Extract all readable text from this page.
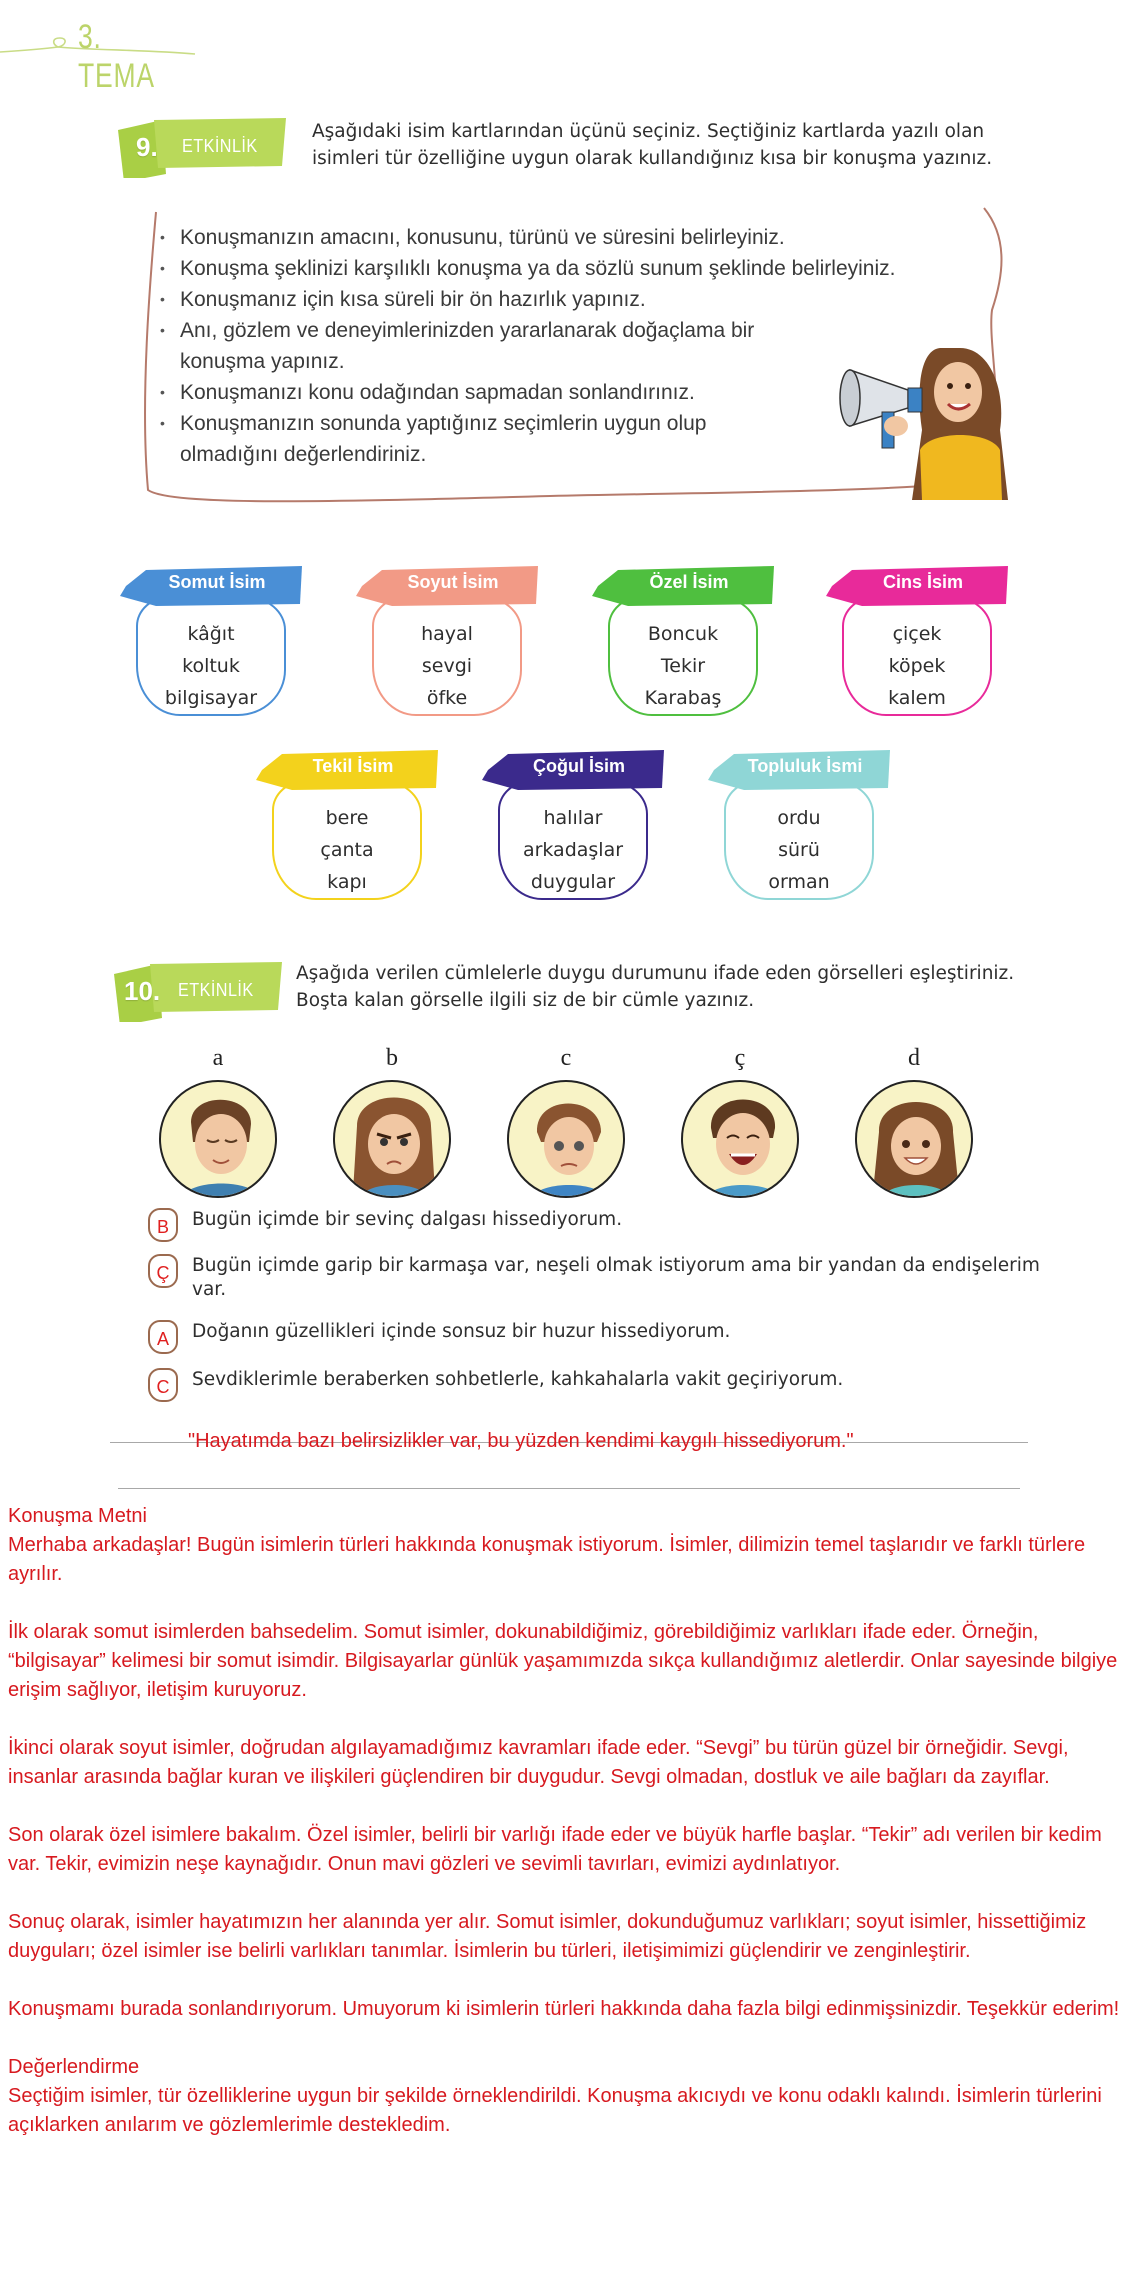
3. TEMA
9. ETKİNLİK
Aşağıdaki isim kartlarından üçünü seçiniz. Seçtiğiniz kartlarda yazılı olan isimleri tür özelliğine uygun olarak kullandığınız kısa bir konuşma yazınız.
• Konuşmanızın amacını, konusunu, türünü ve süresini belirleyiniz.
• Konuşma şeklinizi karşılıklı konuşma ya da sözlü sunum şeklinde belirleyiniz.
• Konuşmanız için kısa süreli bir ön hazırlık yapınız.
• Anı, gözlem ve deneyimlerinizden yararlanarak doğaçlama bir konuşma yapınız.
• Konuşmanızı konu odağından sapmadan sonlandırınız.
• Konuşmanızın sonunda yaptığınız seçimlerin uygun olup olmadığını değerlendiriniz.
Somut İsim
kâğıt
koltuk
bilgisayar
Soyut İsim
hayal
sevgi
öfke
Özel İsim
Boncuk
Tekir
Karabaş
Cins İsim
çiçek
köpek
kalem
Tekil İsim
bere
çanta
kapı
Çoğul İsim
halılar
arkadaşlar
duygular
Topluluk İsmi
ordu
sürü
orman
10. ETKİNLİK
Aşağıda verilen cümlelerle duygu durumunu ifade eden görselleri eşleştiriniz. Boşta kalan görselle ilgili siz de bir cümle yazınız.
a	b	c	ç	d
B	Bugün içimde bir sevinç dalgası hissediyorum.
Ç	Bugün içimde garip bir karmaşa var, neşeli olmak istiyorum ama bir yandan da endişelerim var.
A	Doğanın güzellikleri içinde sonsuz bir huzur hissediyorum.
C	Sevdiklerimle beraberken sohbetlerle, kahkahalarla vakit geçiriyorum.
"Hayatımda bazı belirsizlikler var, bu yüzden kendimi kaygılı hissediyorum."

Konuşma Metni

Merhaba arkadaşlar! Bugün isimlerin türleri hakkında konuşmak istiyorum. İsimler, dilimizin temel taşlarıdır ve farklı türlere ayrılır.

İlk olarak somut isimlerden bahsedelim. Somut isimler, dokunabildiğimiz, görebildiğimiz varlıkları ifade eder. Örneğin, “bilgisayar” kelimesi bir somut isimdir. Bilgisayarlar günlük yaşamımızda sıkça kullandığımız aletlerdir. Onlar sayesinde bilgiye erişim sağlıyor, iletişim kuruyoruz.

İkinci olarak soyut isimler, doğrudan algılayamadığımız kavramları ifade eder. “Sevgi” bu türün güzel bir örneğidir. Sevgi, insanlar arasında bağlar kuran ve ilişkileri güçlendiren bir duygudur. Sevgi olmadan, dostluk ve aile bağları da zayıflar.

Son olarak özel isimlere bakalım. Özel isimler, belirli bir varlığı ifade eder ve büyük harfle başlar. “Tekir” adı verilen bir kedim var. Tekir, evimizin neşe kaynağıdır. Onun mavi gözleri ve sevimli tavırları, evimizi aydınlatıyor.

Sonuç olarak, isimler hayatımızın her alanında yer alır. Somut isimler, dokunduğumuz varlıkları; soyut isimler, hissettiğimiz duyguları; özel isimler ise belirli varlıkları tanımlar. İsimlerin bu türleri, iletişimimizi güçlendirir ve zenginleştirir.

Konuşmamı burada sonlandırıyorum. Umuyorum ki isimlerin türleri hakkında daha fazla bilgi edinmişsinizdir. Teşekkür ederim!

Değerlendirme

Seçtiğim isimler, tür özelliklerine uygun bir şekilde örneklendirildi. Konuşma akıcıydı ve konu odaklı kalındı. İsimlerin türlerini açıklarken anılarım ve gözlemlerimle destekledim.
